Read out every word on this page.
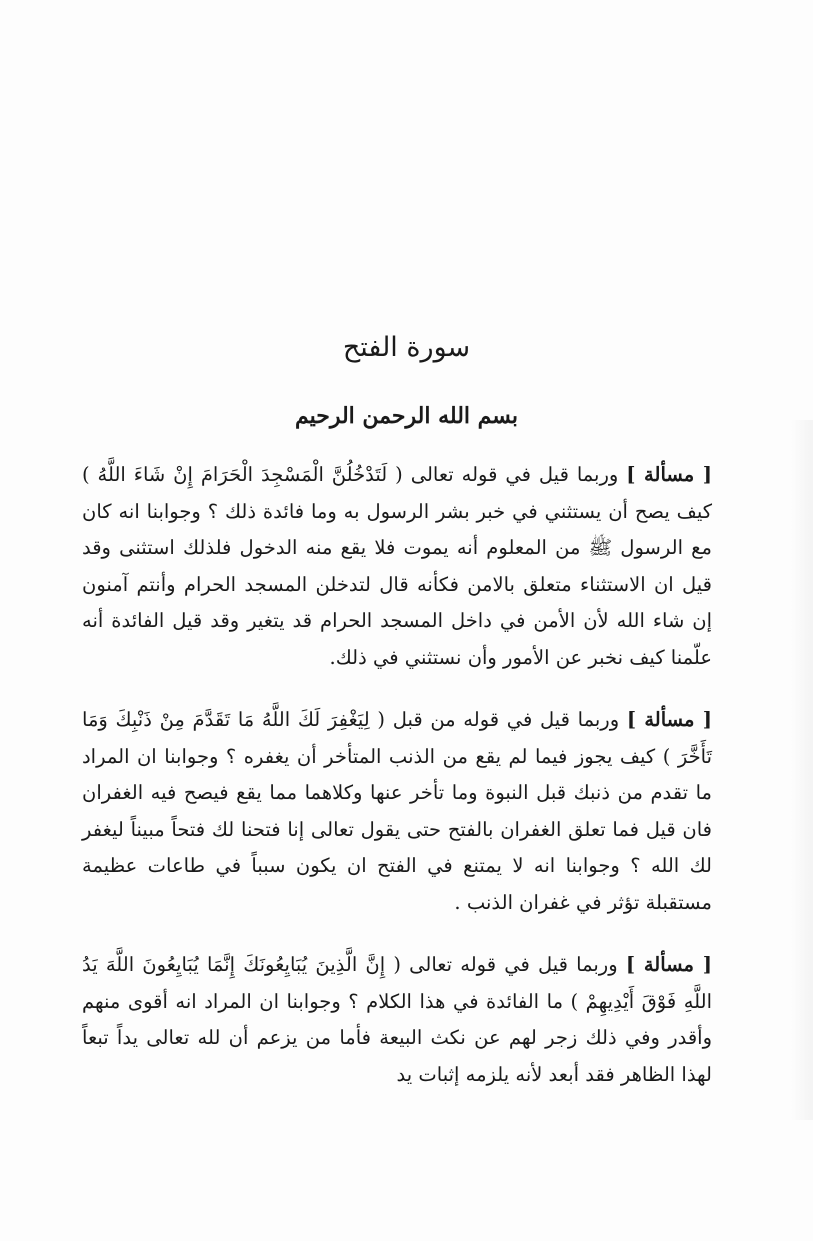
سورة الفتح
بسم الله الرحمن الرحيم

[ مسألة ] وربما قيل في قوله تعالى ( لَتَدْخُلُنَّ الْمَسْجِدَ الْحَرَامَ إِنْ شَاءَ اللَّهُ ) كيف يصح أن يستثني في خبر بشر الرسول به وما فائدة ذلك ؟ وجوابنا انه كان مع الرسول ﷺ من المعلوم أنه يموت فلا يقع منه الدخول فلذلك استثنى وقد قيل ان الاستثناء متعلق بالامن فكأنه قال لتدخلن المسجد الحرام وأنتم آمنون إن شاء الله لأن الأمن في داخل المسجد الحرام قد يتغير وقد قيل الفائدة أنه علّمنا كيف نخبر عن الأمور وأن نستثني في ذلك.

[ مسألة ] وربما قيل في قوله من قبل ( لِيَغْفِرَ لَكَ اللَّهُ مَا تَقَدَّمَ مِنْ ذَنْبِكَ وَمَا تَأَخَّرَ ) كيف يجوز فيما لم يقع من الذنب المتأخر أن يغفره ؟ وجوابنا ان المراد ما تقدم من ذنبك قبل النبوة وما تأخر عنها وكلاهما مما يقع فيصح فيه الغفران فان قيل فما تعلق الغفران بالفتح حتى يقول تعالى إنا فتحنا لك فتحاً مبيناً ليغفر لك الله ؟ وجوابنا انه لا يمتنع في الفتح ان يكون سبباً في طاعات عظيمة مستقبلة تؤثر في غفران الذنب .

[ مسألة ] وربما قيل في قوله تعالى ( إِنَّ الَّذِينَ يُبَايِعُونَكَ إِنَّمَا يُبَايِعُونَ اللَّهَ يَدُ اللَّهِ فَوْقَ أَيْدِيهِمْ ) ما الفائدة في هذا الكلام ؟ وجوابنا ان المراد انه أقوى منهم وأقدر وفي ذلك زجر لهم عن نكث البيعة فأما من يزعم أن لله تعالى يداً تبعاً لهذا الظاهر فقد أبعد لأنه يلزمه إثبات يد
